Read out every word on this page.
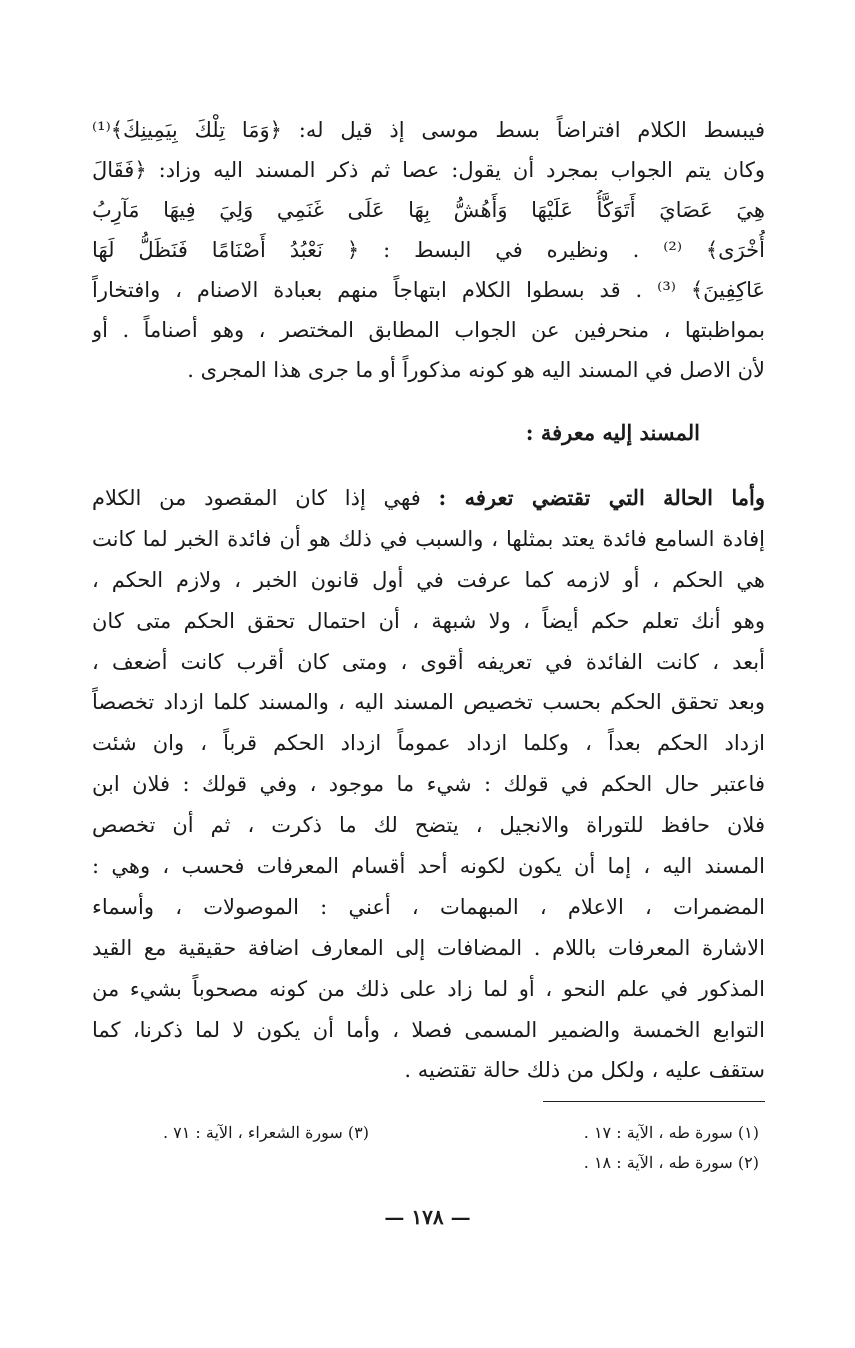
فيبسط الكلام افتراضاً بسط موسى إذ قيل له: ﴿وَمَا تِلْكَ بِيَمِينِكَ﴾⁽¹⁾
وكان يتم الجواب بمجرد أن يقول: عصا ثم ذكر المسند اليه وزاد: ﴿فَقَالَ
هِيَ عَصَايَ أَتَوَكَّأُ عَلَيْهَا وَأَهُشُّ بِهَا عَلَى غَنَمِي وَلِيَ فِيهَا مَآرِبُ
أُخْرَى﴾ ⁽²⁾ . ونظيره في البسط : ﴿ نَعْبُدُ أَصْنَامًا فَنَظَلُّ لَهَا
عَاكِفِينَ﴾ ⁽³⁾ . قد بسطوا الكلام ابتهاجاً منهم بعبادة الاصنام ، وافتخاراً
بمواظبتها ، منحرفين عن الجواب المطابق المختصر ، وهو أصناماً . أو
لأن الاصل في المسند اليه هو كونه مذكوراً أو ما جرى هذا المجرى .
المسند إليه معرفة :
وأما الحالة التي تقتضي تعرفه : فهي إذا كان المقصود من الكلام
إفادة السامع فائدة يعتد بمثلها ، والسبب في ذلك هو أن فائدة الخبر لما كانت
هي الحكم ، أو لازمه كما عرفت في أول قانون الخبر ، ولازم الحكم ،
وهو أنك تعلم حكم أيضاً ، ولا شبهة ، أن احتمال تحقق الحكم متى كان
أبعد ، كانت الفائدة في تعريفه أقوى ، ومتى كان أقرب كانت أضعف ،
وبعد تحقق الحكم بحسب تخصيص المسند اليه ، والمسند كلما ازداد تخصصاً
ازداد الحكم بعداً ، وكلما ازداد عموماً ازداد الحكم قرباً ، وان شئت
فاعتبر حال الحكم في قولك : شيء ما موجود ، وفي قولك : فلان ابن
فلان حافظ للتوراة والانجيل ، يتضح لك ما ذكرت ، ثم أن تخصص
المسند اليه ، إما أن يكون لكونه أحد أقسام المعرفات فحسب ، وهي :
المضمرات ، الاعلام ، المبهمات ، أعني : الموصولات ، وأسماء
الاشارة المعرفات باللام . المضافات إلى المعارف اضافة حقيقية مع القيد
المذكور في علم النحو ، أو لما زاد على ذلك من كونه مصحوباً بشيء من
التوابع الخمسة والضمير المسمى فصلا ، وأما أن يكون لا لما ذكرنا، كما
ستقف عليه ، ولكل من ذلك حالة تقتضيه .
(١) سورة طه ، الآية : ١٧ .
(٣) سورة الشعراء ، الآية : ٧١ .
(٢) سورة طه ، الآية : ١٨ .
— ١٧٨ —
